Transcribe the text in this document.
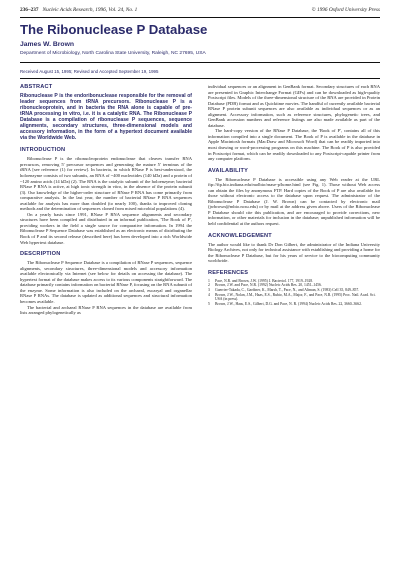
236–237 Nucleic Acids Research, 1996, Vol. 24, No. 1	© 1996 Oxford University Press
The Ribonuclease P Database
James W. Brown
Department of Microbiology, North Carolina State University, Raleigh, NC 27695, USA
Received August 15, 1995; Revised and Accepted September 19, 1995
ABSTRACT

Ribonuclease P is the endoribonuclease responsible for the removal of leader sequences from tRNA precursors. Ribonuclease P is a ribonucleoprotein, and in bacteria the RNA alone is capable of pre-tRNA processing in vitro, i.e. it is a catalytic RNA. The Ribonuclease P Database is a compilation of ribonuclease P sequences, sequence alignments, secondary structures, three-dimensional models and accessory information, in the form of a hypertext document available via the Worldwide Web.

INTRODUCTION

Ribonuclease P is the ribonucleoprotein endonuclease that cleaves transfer RNA precursors, removing 5′ precursor sequences and generating the mature 5′ terminus of the tRNA [see reference (1) for review]. In bacteria, in which RNase P is best-understood, the holoenzyme consists of two subunits, an RNA of ~400 nucleotides (140 kDa) and a protein of ~120 amino acids (14 kDa) (2). The RNA is the catalytic subunit of the holoenzyme; bacterial RNase P RNA is active, at high ionic strength in vitro, in the absence of the protein subunit (3). Our knowledge of the higher-order structure of RNase P RNA has come primarily from comparative analysis. In the last year, the number of bacterial RNase P RNA sequences available for analysis has more than doubled (to nearly 100), thanks to improved cloning methods and the determination of sequences cloned from mixed microbial populations (4).

On a yearly basis since 1991, RNase P RNA sequence alignments and secondary structures have been compiled and distributed in an informal publication, 'The Book of P', providing workers in the field a single source for comparative information. In 1994 the Ribonuclease P Sequence Database was established as an electronic means of distributing the Book of P and its second release (described here) has been developed into a rich Worldwide Web hypertext database.

DESCRIPTION

The Ribonuclease P Sequence Database is a compilation of RNase P sequences, sequence alignments, secondary structures, three-dimensional models and accessory information available electronically via Internet (see below for details on accessing the database). The hypertext format of the database makes access to its various components straightforward. The database primarily contains information on bacterial RNase P, focusing on the RNA subunit of the enzyme. Some information is also included on the archaeal, eucaryal and organellar RNase P RNAs. The database is updated as additional sequences and structural information becomes available.

The bacterial and archaeal RNase P RNA sequences in the database are available from lists arranged phylogenetically as

individual sequences or an alignment in GenBank format. Secondary structures of each RNA are presented in Graphic Interchange Format (GIFs) and can be downloaded as high-quality Postscript files. Models of the three-dimensional structure of the RNA are provided in Protein Database (PDB) format and as Quicktime movies. The handful of currently available bacterial RNase P protein subunit sequences are also available as individual sequences or as an alignment. Accessory information, such as reference structures, phylogenetic trees, and GenBank accession numbers and reference listings are also made available as part of the database.

The hard-copy version of the RNase P Database, the 'Book of P', contains all of this information compiled into a single document. The Book of P is available in the database in Apple Macintosh formats (MacDraw and Microsoft Word) that can be readily imported into most drawing or word-processing programs on this machine. The Book of P is also provided in Postscript format, which can be readily downloaded to any Postscript-capable printer from any computer platform.

AVAILABILITY

The Ribonuclease P Database is accessible using any Web reader at the URL ftp://ftp.bio.indiana.edu/molbio/rnase-p/home.html (see Fig. 1). Those without Web access can obtain the files by anonymous FTP. Hard copies of the Book of P are also available for those without electronic access to the database upon request. The administrator of the Ribonuclease P Database (J. W. Brown) can be contacted by electronic mail (jwbrown@mbio.ncsu.edu) or by mail at the address given above. Users of the Ribonuclease P Database should cite this publication, and are encouraged to provide corrections, new information, or other materials for inclusion in the database; unpublished information will be held confidential at the authors request.

ACKNOWLEDGEMENT

The author would like to thank Dr Don Gilbert, the administrator of the Indiana University Biology Archives, not only for technical assistance with establishing and providing a home for the Ribonuclease P Database, but for his years of service to the biocomputing community worldwide.

REFERENCES
1	Pace, N.R. and Brown, J.W. (1995) J. Bacteriol. 177, 1919–1928.
2	Brown, J.W. and Pace, N.R. (1992) Nucleic Acids Res. 20, 1451–1456.
3	Guerrier-Takada, C., Gardiner, K., Marsh, T., Pace, N., and Altman, S. (1983) Cell 35, 849–857.
4	Brown, J.W., Nolan, J.M., Haas, E.S., Rubio, M.A., Major, F., and Pace, N.R. (1995) Proc. Natl. Acad. Sci. USA (in press).
5	Brown, J.W., Haas, E.S., Gilbert, D.G. and Pace, N. R. (1994) Nucleic Acids Res. 22, 3660–3662.
